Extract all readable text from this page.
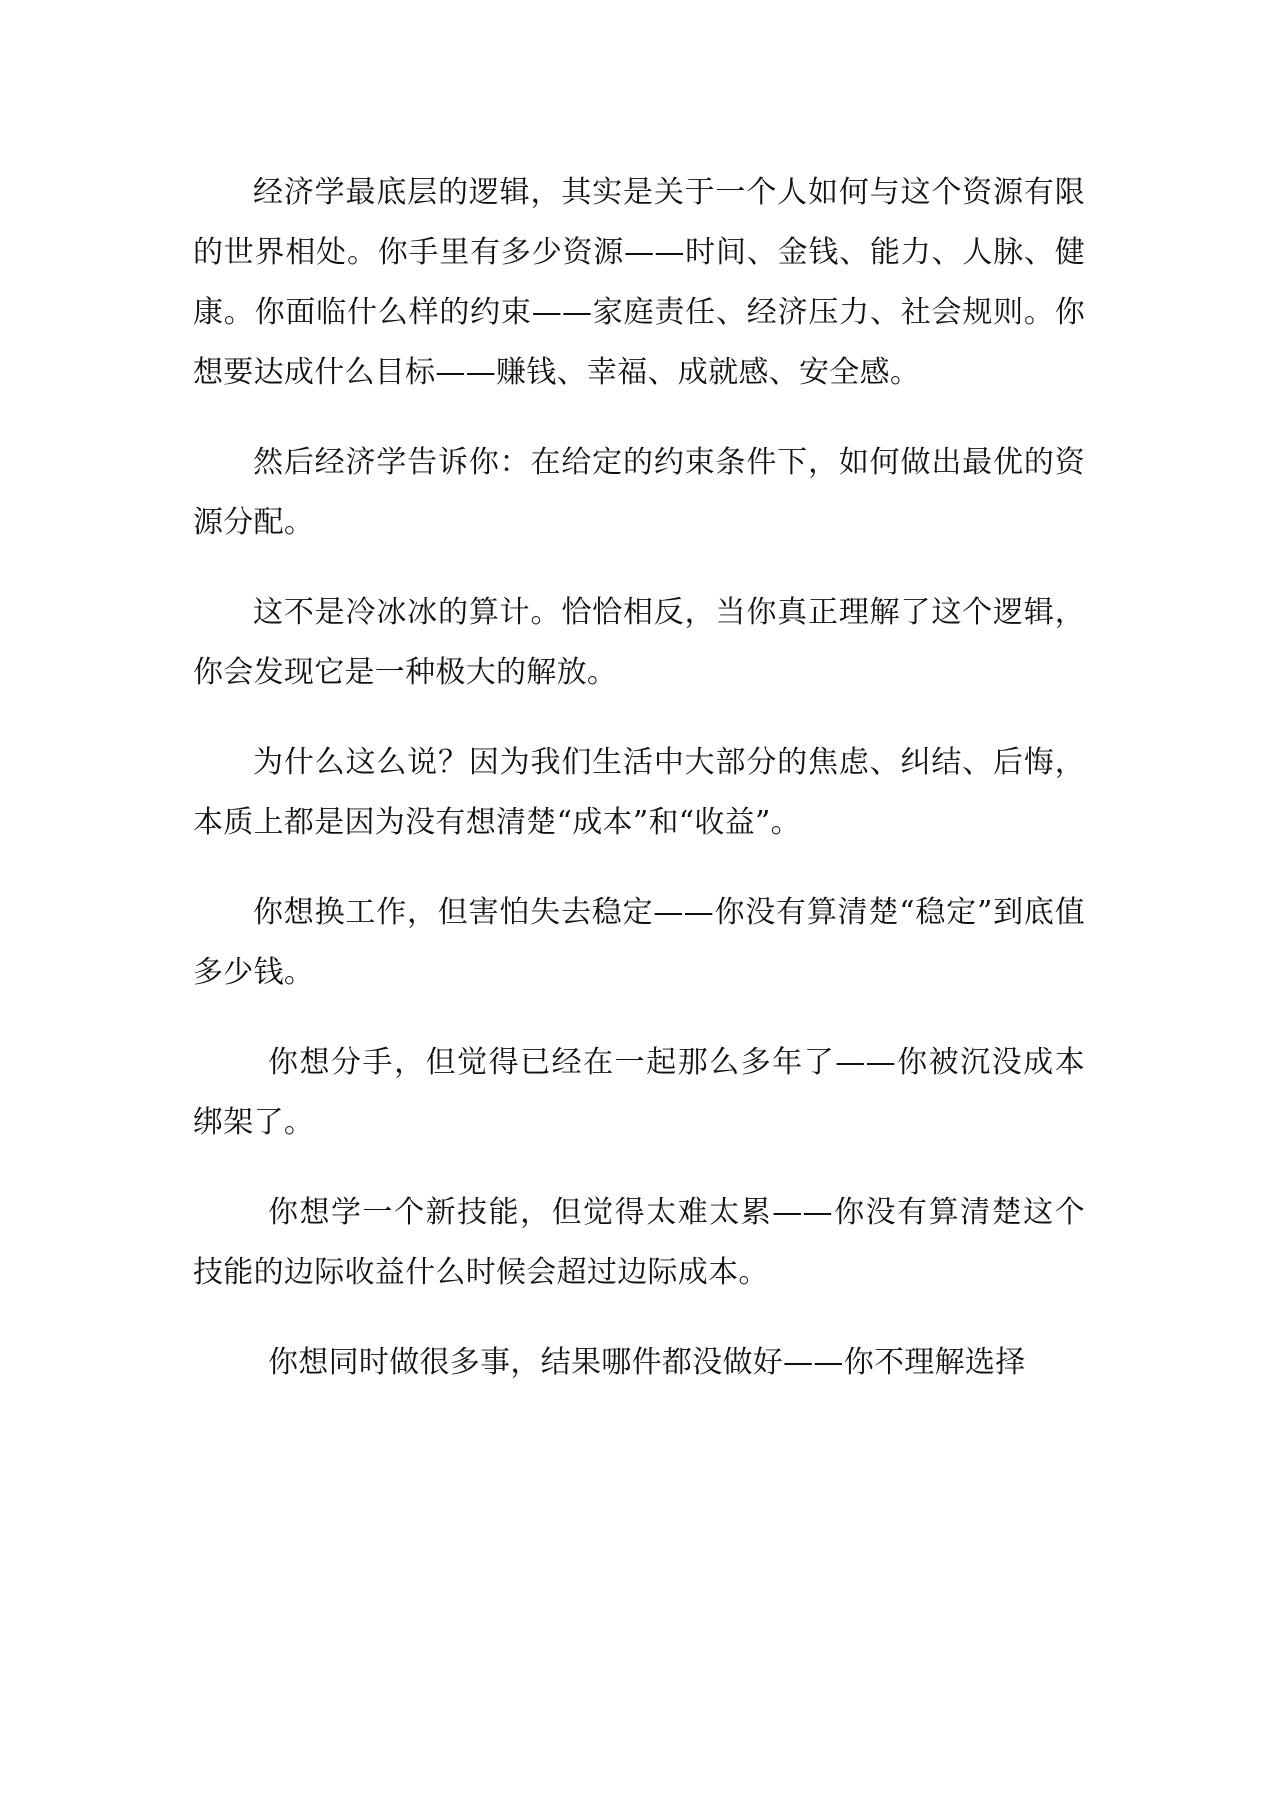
经济学最底层的逻辑，其实是关于一个人如何与这个资源有限的世界相处。你手里有多少资源——时间、金钱、能力、人脉、健康。你面临什么样的约束——家庭责任、经济压力、社会规则。你想要达成什么目标——赚钱、幸福、成就感、安全感。

然后经济学告诉你：在给定的约束条件下，如何做出最优的资源分配。

这不是冷冰冰的算计。恰恰相反，当你真正理解了这个逻辑，你会发现它是一种极大的解放。

为什么这么说？因为我们生活中大部分的焦虑、纠结、后悔，本质上都是因为没有想清楚“成本”和“收益”。

你想换工作，但害怕失去稳定——你没有算清楚“稳定”到底值多少钱。

你想分手，但觉得已经在一起那么多年了——你被沉没成本绑架了。

你想学一个新技能，但觉得太难太累——你没有算清楚这个技能的边际收益什么时候会超过边际成本。

你想同时做很多事，结果哪件都没做好——你不理解选择
